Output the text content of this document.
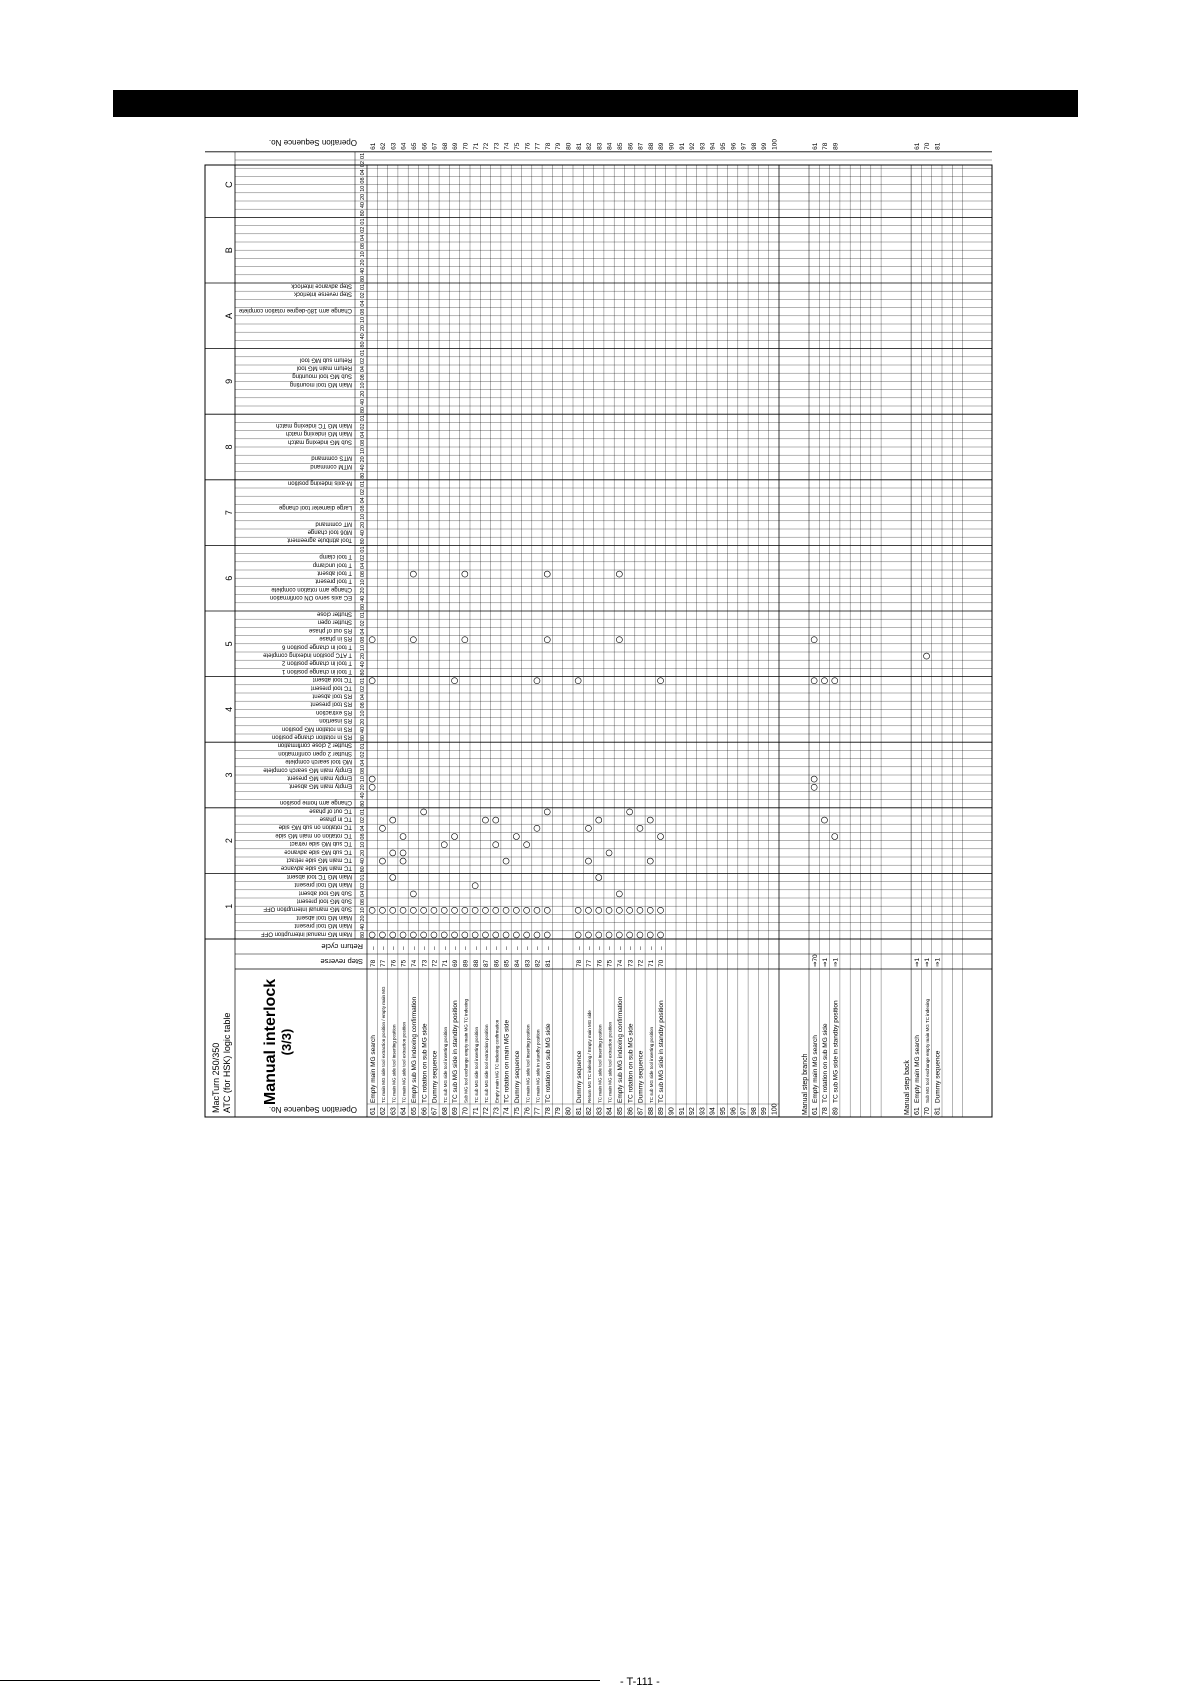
MacTurn 250/350 ATC (for HSK) logic table Manual interlock (3/3)
Step reverse
Return cycle
1
Main MG manual interruption OFF 80
Main MG tool present 40
Main MG tool absent 20
Sub MG manual interruption OFF 10
Sub MG tool present 08
Sub MG tool absent 04
Main MG tool present 02
Main MG TC tool absent 01
2
TC main MG side advance 80
TC main MG side retract 40
TC sub MG side advance 20
TC sub MG side retract 10
TC rotation on main MG side 08
TC rotation on sub MG side 04
TC in phase 02
TC out of phase 01
3
Change arm home position 80
40
Empty main MG absent 20
Empty main MG present 10
Empty main MG search complete 08
MG tool search complete 04
Shutter 2 open confirmation 02
Shutter 2 close confirmation 01
4
RS in rotation change position 80
RS in rotation MG position 40
RS insertion 20
RS extraction 10
RS tool present 08
RS tool absent 04
TC tool present 02
TC tool absent 01
5
T tool in change position 1 80
T tool in change position 2 40
T ATC position indexing complete 20
T tool in change position 6 10
RS in phase 08
RS out of phase 04
Shutter open 02
Shutter close 01
6
80
EC axis servo ON confirmation 40
Change arm rotation complete 20
T tool present 10
T tool absent 08
T tool unclamp 04
T tool clamp 02
01
7
Tool attribute agreement 80
M06 tool change 40
MT command 20
10
Large diameter tool change 08
04
02
M-axis indexing position 01
8
80
MTM command 40
MTS command 20
10
Sub MG indexing match 08
Main MG indexing match 04
Main MG TC indexing match 02
01
9
80
40
20
Main MG tool mounting 10
Sub MG tool mounting 08
Return main MG tool 04
Return sub MG tool 02
01
A
80
40
20
10
Change arm 180-degree rotation complete 08
04
Step reverse interlock 02
Step advance interlock 01
B
80
40
20
10
08
04
02
01
C
80
40
20
10
08
04
02
01
Operation Sequence No.
Operation Sequence No. 61
Empty main MG search
78
–
61
62
TC main MG side tool extraction position / empty main MG
77
–
62
63
TC main MG side tool inserting position
76
–
63
64
TC main MG side tool extraction position
75
–
64
65
Empty sub MG indexing confirmation
74
–
65
66
TC rotation on sub MG side
73
–
66
67
Dummy sequence
72
–
67
68
TC sub MG side tool inserting position
71
–
68
69
TC sub MG side in standby position
69
–
69
70
Sub MG tool exchange empty main MG TC indexing
89
–
70
71
TC sub MG side tool inserting position
88
–
71
72
TC sub MG side tool extraction position
87
–
72
73
Empty main MG TC indexing confirmation
86
–
73
74
TC rotation on main MG side
85
–
74
75
Dummy sequence
84
–
75
76
TC main MG side tool inserting position
83
–
76
77
TC main MG side in standby position
82
–
77
78
TC rotation on sub MG side
81
–
78
79
79
80
80
81
Dummy sequence
78
–
81
82
Return MG TC indexing / Empty main MG side
77
–
82
83
TC main MG side tool inserting position
76
–
83
84
TC main MG side tool extraction position
75
–
84
85
Empty sub MG indexing confirmation
74
–
85
86
TC rotation on sub MG side
73
–
86
87
Dummy sequence
72
–
87
88
TC sub MG side tool inserting position
71
–
88
89
TC sub MG side in standby position
70
–
89
90
90
91
91
92
92
93
93
94
94
95
95
96
96
97
97
98
98
99
99
100
100
Manual step branch 61
Empty main MG search
⇒70
61
78
TC rotation on sub MG side
⇒1
78
89
TC sub MG side in standby position
⇒1
89
Manual step back 61
Empty main MG search
⇒1
61
70
Sub MG tool exchange empty main MG TC indexing
⇒1
70
81
Dummy sequence
⇒1
81
- T-111 -
